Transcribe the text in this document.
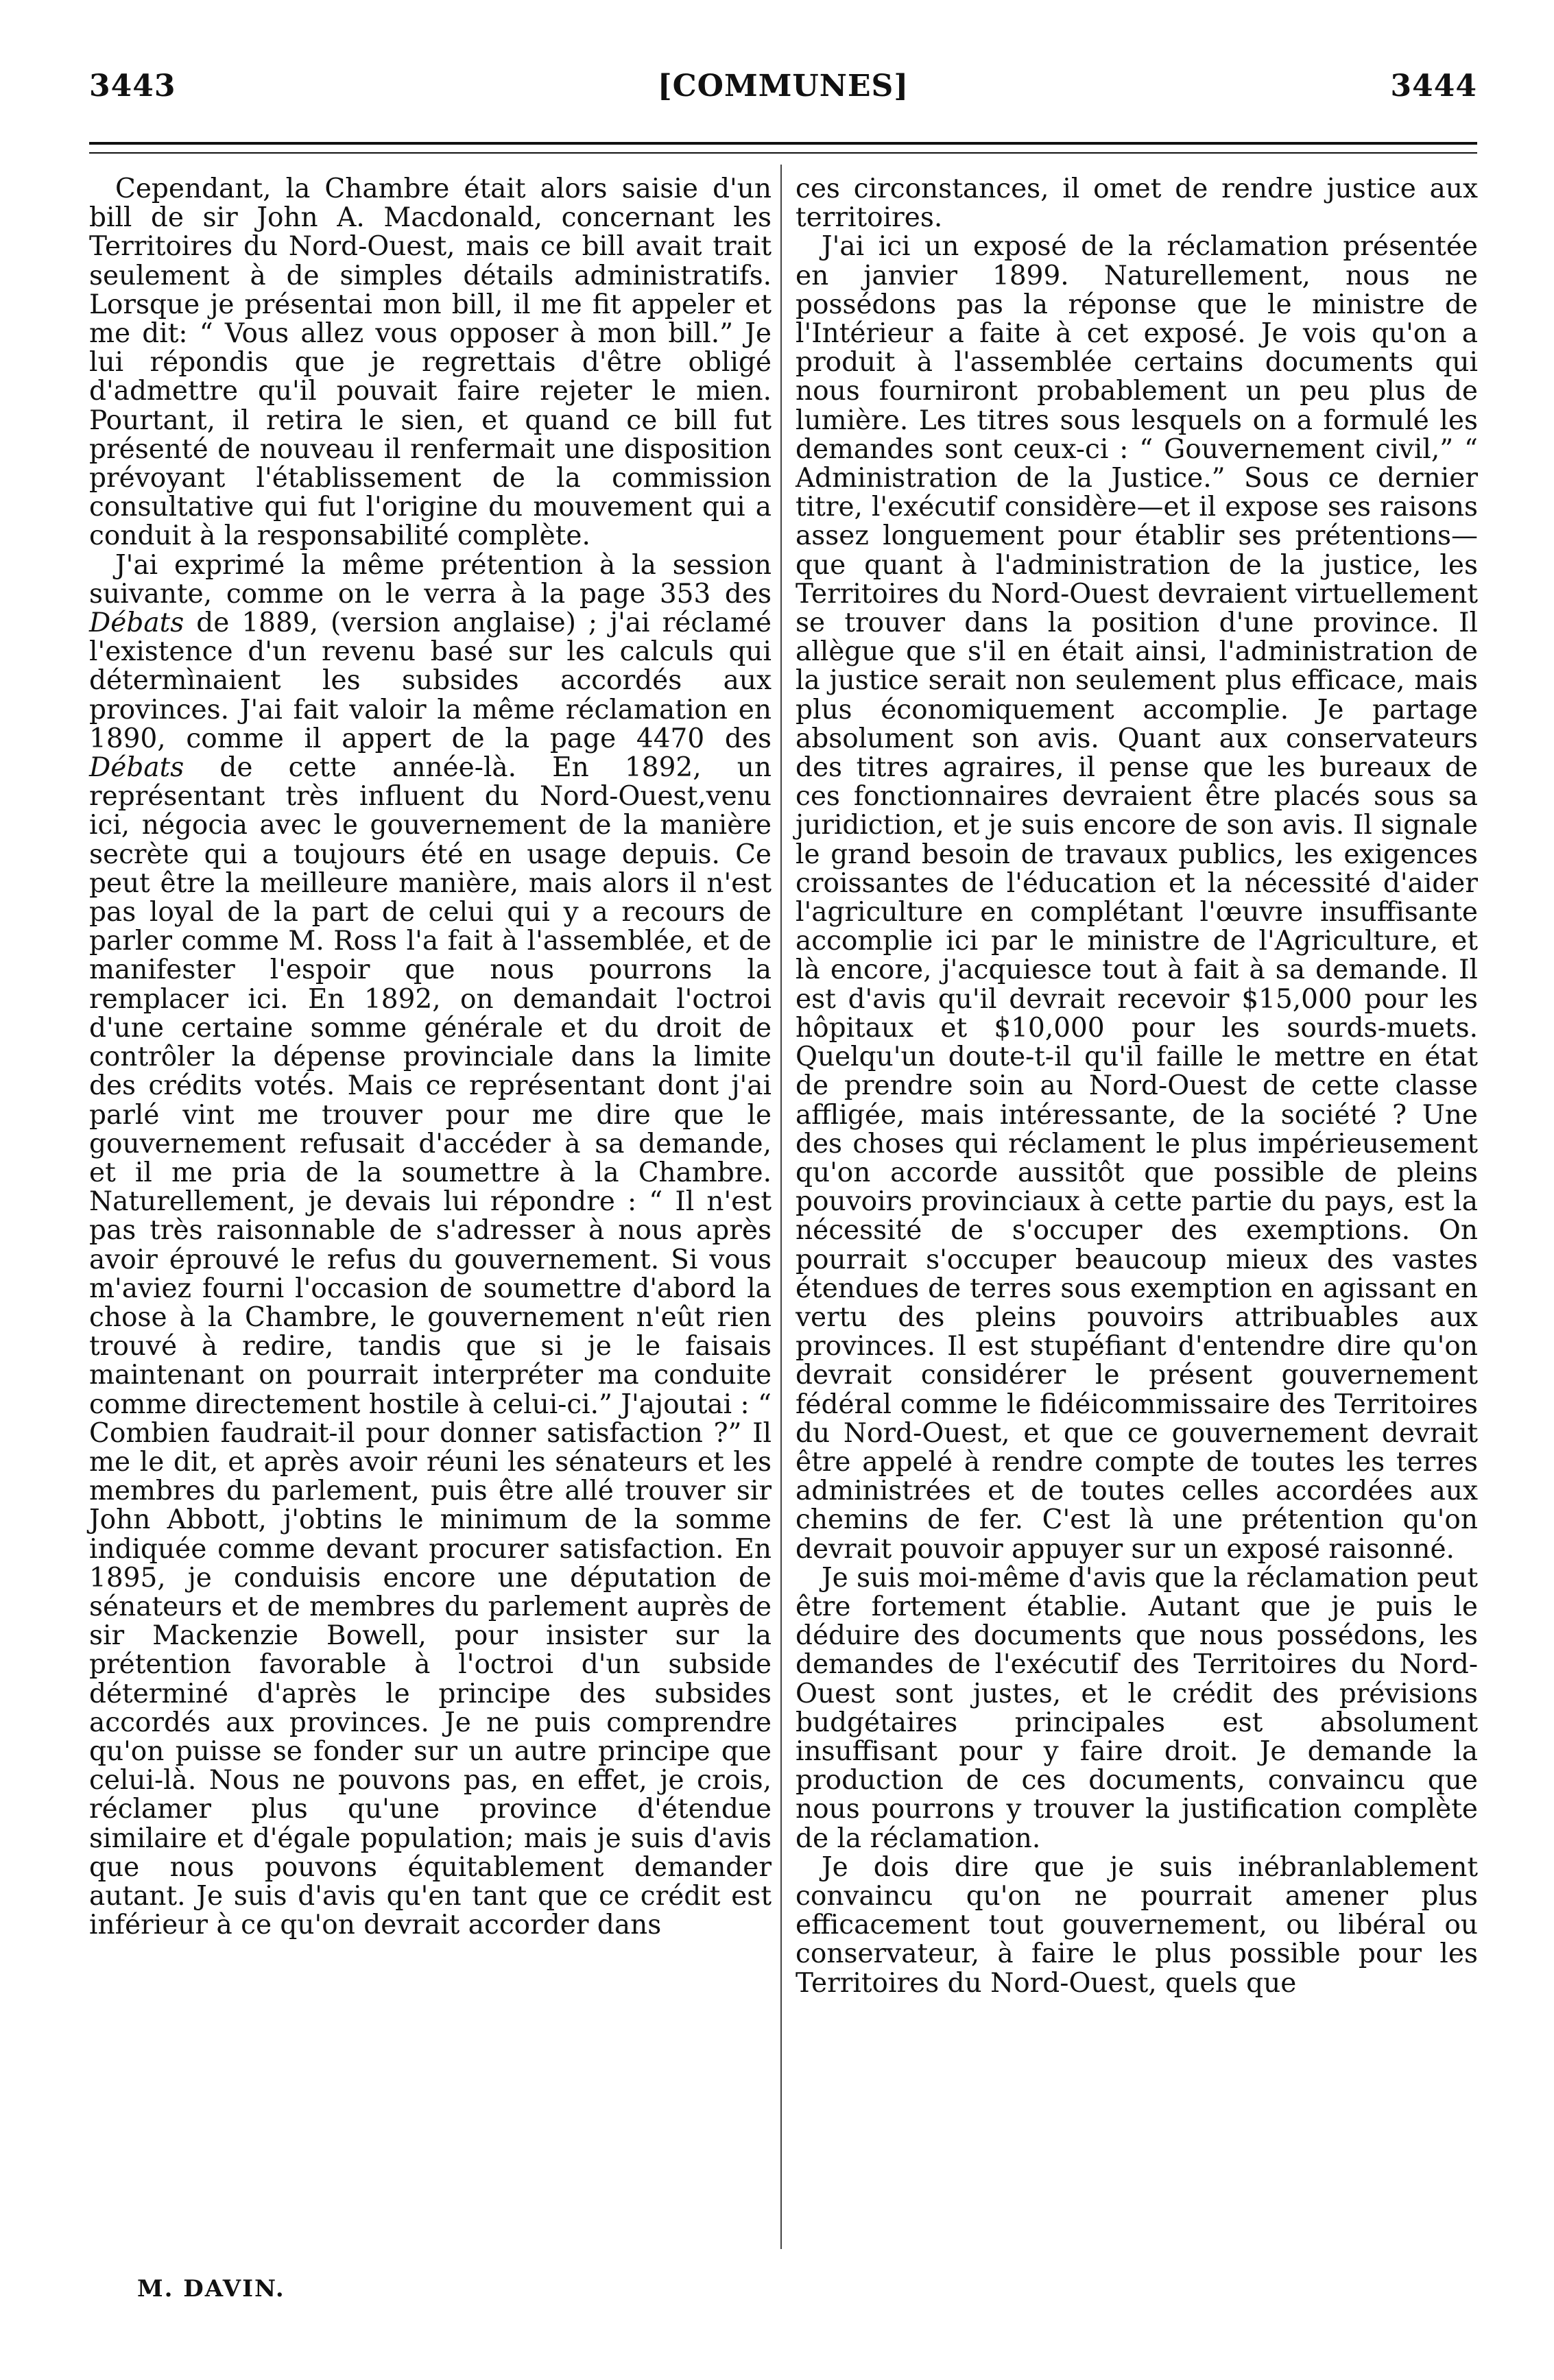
3443	[COMMUNES]	3444

Cependant, la Chambre était alors saisie d'un bill de sir John A. Macdonald, concernant les Territoires du Nord-Ouest, mais ce bill avait trait seulement à de simples détails administratifs. Lorsque je présentai mon bill, il me fit appeler et me dit: “ Vous allez vous opposer à mon bill.” Je lui répondis que je regrettais d'être obligé d'admettre qu'il pouvait faire rejeter le mien. Pourtant, il retira le sien, et quand ce bill fut présenté de nouveau il renfermait une disposition prévoyant l'établissement de la commission consultative qui fut l'origine du mouvement qui a conduit à la responsabilité complète.

J'ai exprimé la même prétention à la session suivante, comme on le verra à la page 353 des Débats de 1889, (version anglaise) ; j'ai réclamé l'existence d'un revenu basé sur les calculs qui détermìnaient les subsides accordés aux provinces. J'ai fait valoir la même réclamation en 1890, comme il appert de la page 4470 des Débats de cette année-là. En 1892, un représentant très influent du Nord-Ouest,venu ici, négocia avec le gouvernement de la manière secrète qui a toujours été en usage depuis. Ce peut être la meilleure manière, mais alors il n'est pas loyal de la part de celui qui y a recours de parler comme M. Ross l'a fait à l'assemblée, et de manifester l'espoir que nous pourrons la remplacer ici. En 1892, on demandait l'octroi d'une certaine somme générale et du droit de contrôler la dépense provinciale dans la limite des crédits votés. Mais ce représentant dont j'ai parlé vint me trouver pour me dire que le gouvernement refusait d'accéder à sa demande, et il me pria de la soumettre à la Chambre. Naturellement, je devais lui répondre : “ Il n'est pas très raisonnable de s'adresser à nous après avoir éprouvé le refus du gouvernement. Si vous m'aviez fourni l'occasion de soumettre d'abord la chose à la Chambre, le gouvernement n'eût rien trouvé à redire, tandis que si je le faisais maintenant on pourrait interpréter ma conduite comme directement hostile à celui-ci.” J'ajoutai : “ Combien faudrait-il pour donner satisfaction ?” Il me le dit, et après avoir réuni les sénateurs et les membres du parlement, puis être allé trouver sir John Abbott, j'obtins le minimum de la somme indiquée comme devant procurer satisfaction. En 1895, je conduisis encore une députation de sénateurs et de membres du parlement auprès de sir Mackenzie Bowell, pour insister sur la prétention favorable à l'octroi d'un subside déterminé d'après le principe des subsides accordés aux provinces. Je ne puis comprendre qu'on puisse se fonder sur un autre principe que celui-là. Nous ne pouvons pas, en effet, je crois, réclamer plus qu'une province d'étendue similaire et d'égale population; mais je suis d'avis que nous pouvons équitablement demander autant. Je suis d'avis qu'en tant que ce crédit est inférieur à ce qu'on devrait accorder dans

ces circonstances, il omet de rendre justice aux territoires.

J'ai ici un exposé de la réclamation présentée en janvier 1899. Naturellement, nous ne possédons pas la réponse que le ministre de l'Intérieur a faite à cet exposé. Je vois qu'on a produit à l'assemblée certains documents qui nous fourniront probablement un peu plus de lumière. Les titres sous lesquels on a formulé les demandes sont ceux-ci : “ Gouvernement civil,” “ Administration de la Justice.” Sous ce dernier titre, l'exécutif considère—et il expose ses raisons assez longuement pour établir ses prétentions—que quant à l'administration de la justice, les Territoires du Nord-Ouest devraient virtuellement se trouver dans la position d'une province. Il allègue que s'il en était ainsi, l'administration de la justice serait non seulement plus efficace, mais plus économiquement accomplie. Je partage absolument son avis. Quant aux conservateurs des titres agraires, il pense que les bureaux de ces fonctionnaires devraient être placés sous sa juridiction, et je suis encore de son avis. Il signale le grand besoin de travaux publics, les exigences croissantes de l'éducation et la nécessité d'aider l'agriculture en complétant l'œuvre insuffisante accomplie ici par le ministre de l'Agriculture, et là encore, j'acquiesce tout à fait à sa demande. Il est d'avis qu'il devrait recevoir $15,000 pour les hôpitaux et $10,000 pour les sourds-muets. Quelqu'un doute-t-il qu'il faille le mettre en état de prendre soin au Nord-Ouest de cette classe affligée, mais intéressante, de la société ? Une des choses qui réclament le plus impérieusement qu'on accorde aussitôt que possible de pleins pouvoirs provinciaux à cette partie du pays, est la nécessité de s'occuper des exemptions. On pourrait s'occuper beaucoup mieux des vastes étendues de terres sous exemption en agissant en vertu des pleins pouvoirs attribuables aux provinces. Il est stupéfiant d'entendre dire qu'on devrait considérer le présent gouvernement fédéral comme le fidéicommissaire des Territoires du Nord-Ouest, et que ce gouvernement devrait être appelé à rendre compte de toutes les terres administrées et de toutes celles accordées aux chemins de fer. C'est là une prétention qu'on devrait pouvoir appuyer sur un exposé raisonné.

Je suis moi-même d'avis que la réclamation peut être fortement établie. Autant que je puis le déduire des documents que nous possédons, les demandes de l'exécutif des Territoires du Nord-Ouest sont justes, et le crédit des prévisions budgétaires principales est absolument insuffisant pour y faire droit. Je demande la production de ces documents, convaincu que nous pourrons y trouver la justification complète de la réclamation.

Je dois dire que je suis inébranlablement convaincu qu'on ne pourrait amener plus efficacement tout gouvernement, ou libéral ou conservateur, à faire le plus possible pour les Territoires du Nord-Ouest, quels que

M. DAVIN.
